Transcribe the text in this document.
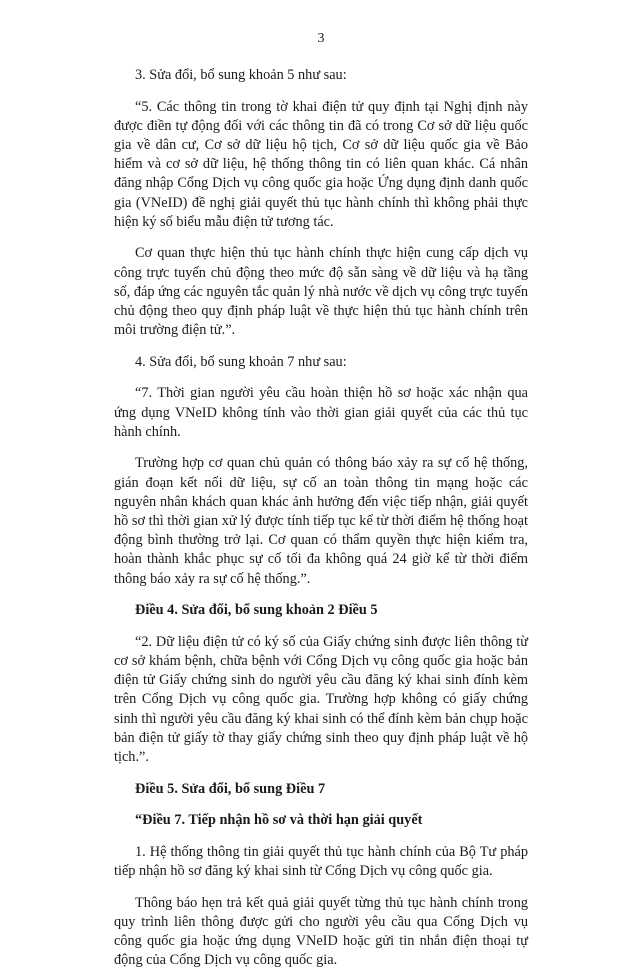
3

3. Sửa đổi, bổ sung khoản 5 như sau:

“5. Các thông tin trong tờ khai điện tử quy định tại Nghị định này được điền tự động đối với các thông tin đã có trong Cơ sở dữ liệu quốc gia về dân cư, Cơ sở dữ liệu hộ tịch, Cơ sở dữ liệu quốc gia về Bảo hiểm và cơ sở dữ liệu, hệ thống thông tin có liên quan khác. Cá nhân đăng nhập Cổng Dịch vụ công quốc gia hoặc Ứng dụng định danh quốc gia (VNeID) đề nghị giải quyết thủ tục hành chính thì không phải thực hiện ký số biểu mẫu điện tử tương tác.

Cơ quan thực hiện thủ tục hành chính thực hiện cung cấp dịch vụ công trực tuyến chủ động theo mức độ sẵn sàng về dữ liệu và hạ tầng số, đáp ứng các nguyên tắc quản lý nhà nước về dịch vụ công trực tuyến chủ động theo quy định pháp luật về thực hiện thủ tục hành chính trên môi trường điện tử.”.

4. Sửa đổi, bổ sung khoản 7 như sau:

“7. Thời gian người yêu cầu hoàn thiện hồ sơ hoặc xác nhận qua ứng dụng VNeID không tính vào thời gian giải quyết của các thủ tục hành chính.

Trường hợp cơ quan chủ quản có thông báo xảy ra sự cố hệ thống, gián đoạn kết nối dữ liệu, sự cố an toàn thông tin mạng hoặc các nguyên nhân khách quan khác ảnh hưởng đến việc tiếp nhận, giải quyết hồ sơ thì thời gian xử lý được tính tiếp tục kể từ thời điểm hệ thống hoạt động bình thường trở lại. Cơ quan có thẩm quyền thực hiện kiểm tra, hoàn thành khắc phục sự cố tối đa không quá 24 giờ kể từ thời điểm thông báo xảy ra sự cố hệ thống.”.

Điều 4. Sửa đổi, bổ sung khoản 2 Điều 5

“2. Dữ liệu điện tử có ký số của Giấy chứng sinh được liên thông từ cơ sở khám bệnh, chữa bệnh với Cổng Dịch vụ công quốc gia hoặc bản điện tử Giấy chứng sinh do người yêu cầu đăng ký khai sinh đính kèm trên Cổng Dịch vụ công quốc gia. Trường hợp không có giấy chứng sinh thì người yêu cầu đăng ký khai sinh có thể đính kèm bản chụp hoặc bản điện tử giấy tờ thay giấy chứng sinh theo quy định pháp luật về hộ tịch.”.

Điều 5. Sửa đổi, bổ sung Điều 7

“Điều 7. Tiếp nhận hồ sơ và thời hạn giải quyết

1. Hệ thống thông tin giải quyết thủ tục hành chính của Bộ Tư pháp tiếp nhận hồ sơ đăng ký khai sinh từ Cổng Dịch vụ công quốc gia.

Thông báo hẹn trả kết quả giải quyết từng thủ tục hành chính trong quy trình liên thông được gửi cho người yêu cầu qua Cổng Dịch vụ công quốc gia hoặc ứng dụng VNeID hoặc gửi tin nhắn điện thoại tự động của Cổng Dịch vụ công quốc gia.
